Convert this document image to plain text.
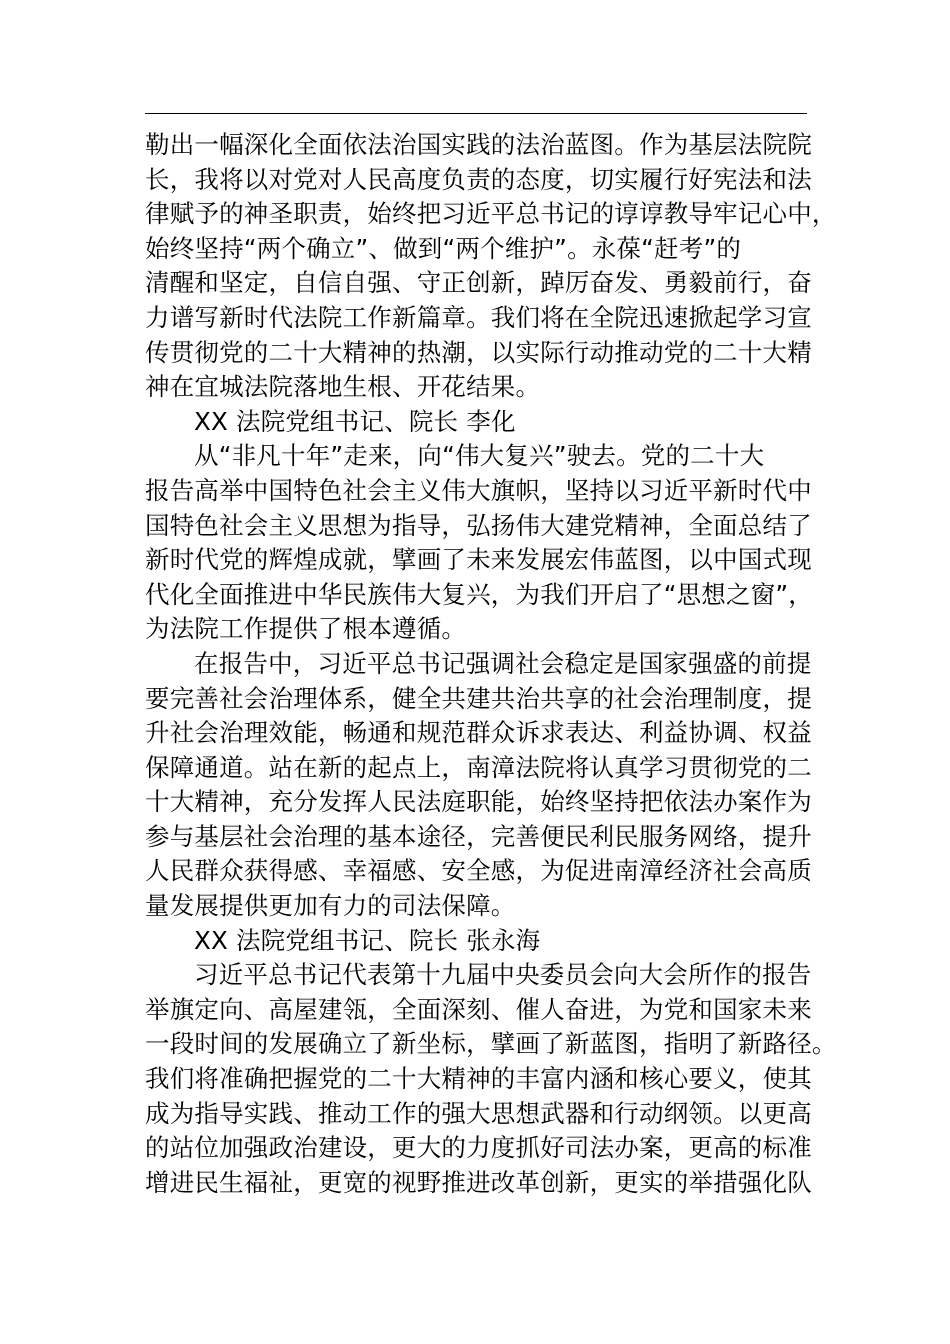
勒出一幅深化全面依法治国实践的法治蓝图。作为基层法院院
长，我将以对党对人民高度负责的态度，切实履行好宪法和法
律赋予的神圣职责，始终把习近平总书记的谆谆教导牢记心中，
始终坚持“两个确立”、做到“两个维护”。永葆“赶考”的
清醒和坚定，自信自强、守正创新，踔厉奋发、勇毅前行，奋
力谱写新时代法院工作新篇章。我们将在全院迅速掀起学习宣
传贯彻党的二十大精神的热潮，以实际行动推动党的二十大精
神在宜城法院落地生根、开花结果。
XX 法院党组书记、院长 李化
从“非凡十年”走来，向“伟大复兴”驶去。党的二十大
报告高举中国特色社会主义伟大旗帜，坚持以习近平新时代中
国特色社会主义思想为指导，弘扬伟大建党精神，全面总结了
新时代党的辉煌成就，擘画了未来发展宏伟蓝图，以中国式现
代化全面推进中华民族伟大复兴，为我们开启了“思想之窗”，
为法院工作提供了根本遵循。
在报告中，习近平总书记强调社会稳定是国家强盛的前提
要完善社会治理体系，健全共建共治共享的社会治理制度，提
升社会治理效能，畅通和规范群众诉求表达、利益协调、权益
保障通道。站在新的起点上，南漳法院将认真学习贯彻党的二
十大精神，充分发挥人民法庭职能，始终坚持把依法办案作为
参与基层社会治理的基本途径，完善便民利民服务网络，提升
人民群众获得感、幸福感、安全感，为促进南漳经济社会高质
量发展提供更加有力的司法保障。
XX 法院党组书记、院长 张永海
习近平总书记代表第十九届中央委员会向大会所作的报告
举旗定向、高屋建瓴，全面深刻、催人奋进，为党和国家未来
一段时间的发展确立了新坐标，擘画了新蓝图，指明了新路径。
我们将准确把握党的二十大精神的丰富内涵和核心要义，使其
成为指导实践、推动工作的强大思想武器和行动纲领。以更高
的站位加强政治建设，更大的力度抓好司法办案，更高的标准
增进民生福祉，更宽的视野推进改革创新，更实的举措强化队
